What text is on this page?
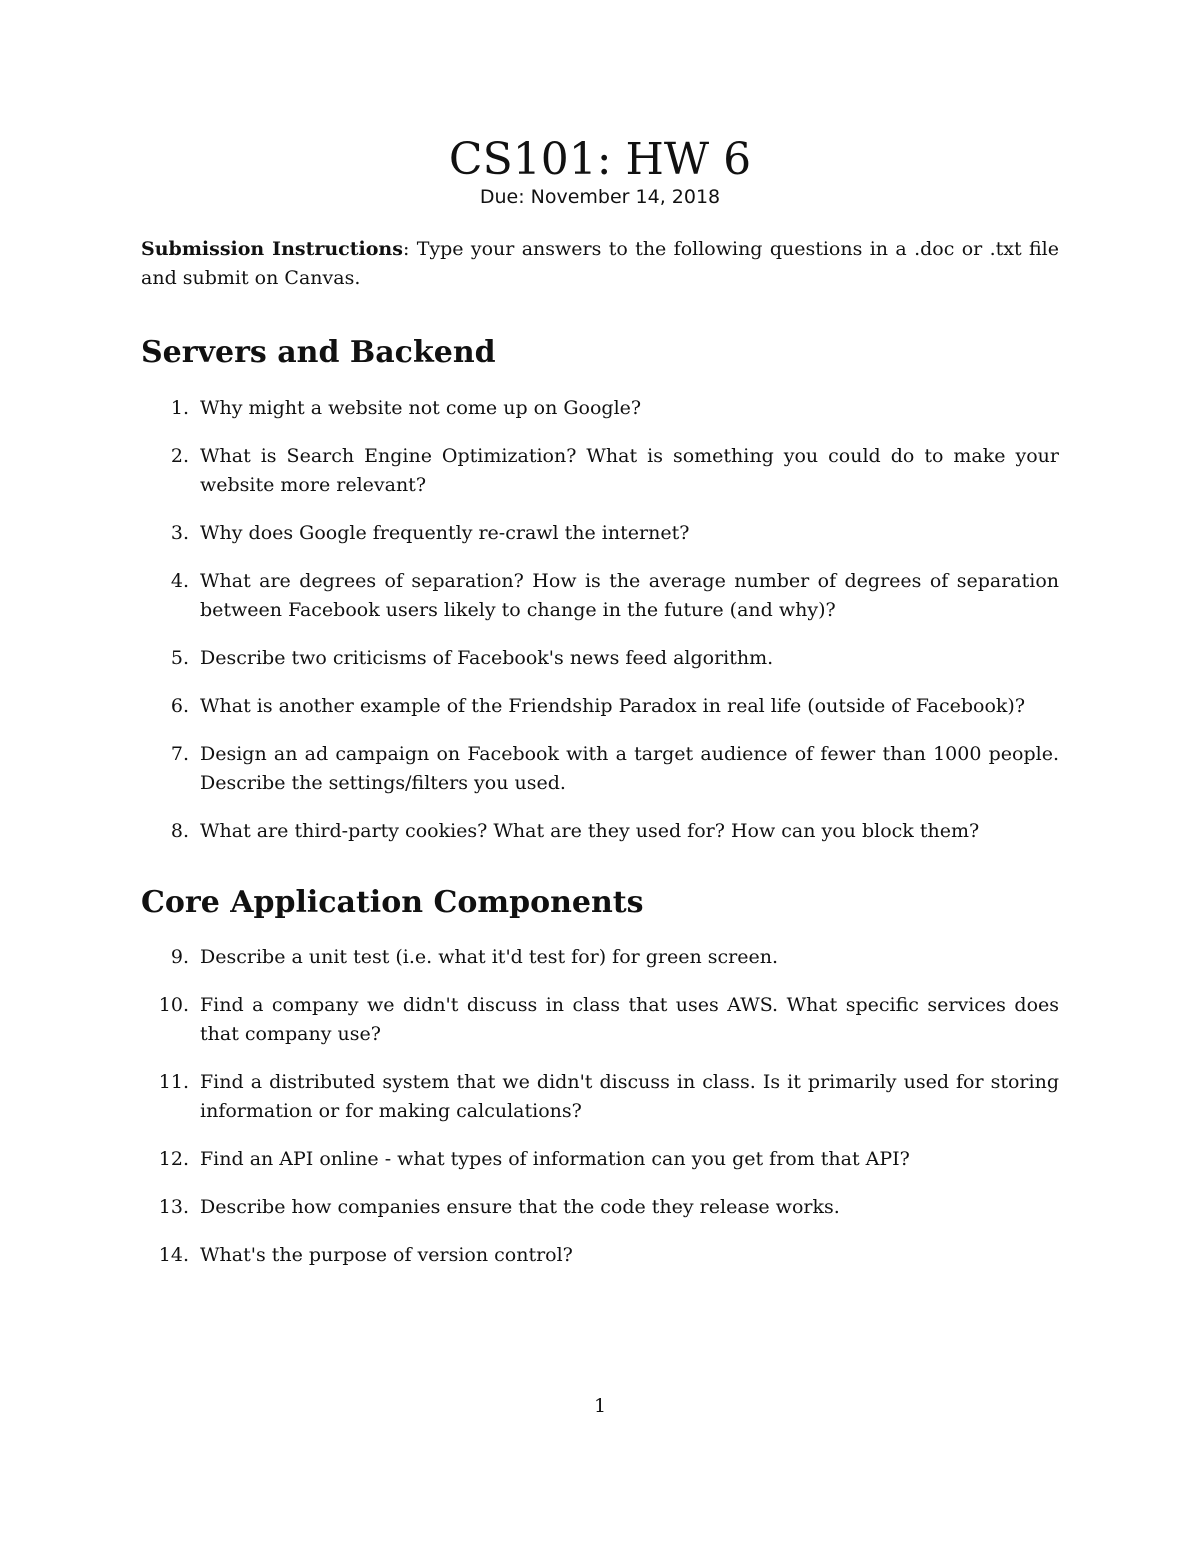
CS101: HW 6

Due: November 14, 2018

Submission Instructions: Type your answers to the following questions in a .doc or .txt file and submit on Canvas.

Servers and Backend
1. Why might a website not come up on Google?
2. What is Search Engine Optimization? What is something you could do to make your website more relevant?
3. Why does Google frequently re-crawl the internet?
4. What are degrees of separation? How is the average number of degrees of separation between Facebook users likely to change in the future (and why)?
5. Describe two criticisms of Facebook's news feed algorithm.
6. What is another example of the Friendship Paradox in real life (outside of Facebook)?
7. Design an ad campaign on Facebook with a target audience of fewer than 1000 people. Describe the settings/filters you used.
8. What are third-party cookies? What are they used for? How can you block them?
Core Application Components
9. Describe a unit test (i.e. what it'd test for) for green screen.
10. Find a company we didn't discuss in class that uses AWS. What specific services does that company use?
11. Find a distributed system that we didn't discuss in class. Is it primarily used for storing information or for making calculations?
12. Find an API online - what types of information can you get from that API?
13. Describe how companies ensure that the code they release works.
14. What's the purpose of version control?

1
